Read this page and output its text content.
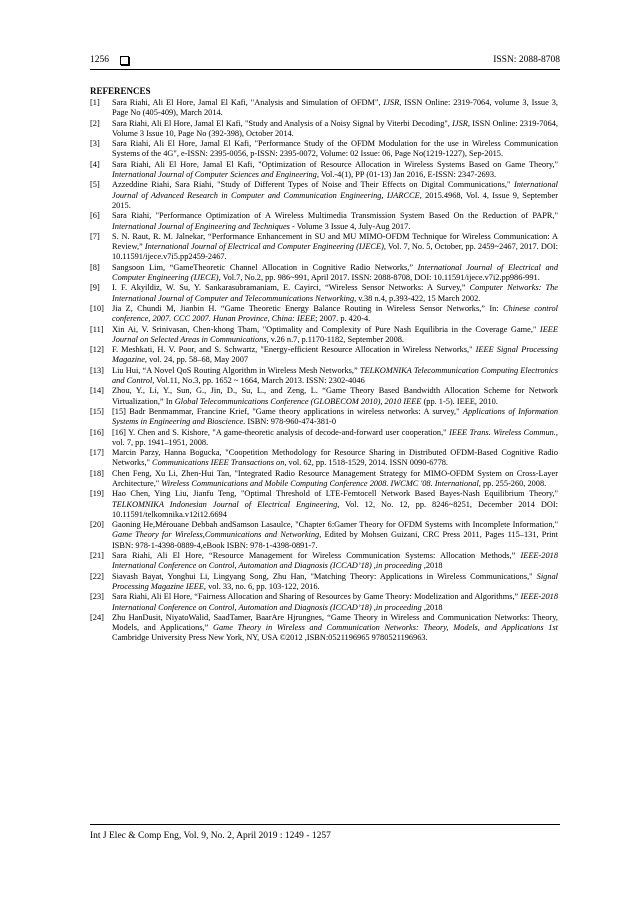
1256	ISSN: 2088-8708
REFERENCES
[1]	Sara Riahi, Ali El Hore, Jamal El Kafi, "Analysis and Simulation of OFDM", IJSR, ISSN Online: 2319-7064, volume 3, Issue 3, Page No (405-409), March 2014.
[2]	Sara Riahi, Ali El Hore, Jamal El Kafi, "Study and Analysis of a Noisy Signal by Viterbi Decoding", IJSR, ISSN Online: 2319-7064, Volume 3 Issue 10, Page No (392-398), October 2014.
[3]	Sara Riahi, Ali El Hore, Jamal El Kafi, "Performance Study of the OFDM Modulation for the use in Wireless Communication Systems of the 4G", e-ISSN: 2395-0056, p-ISSN: 2395-0072, Volume: 02 Issue: 06, Page No(1219-1227), Sep-2015.
[4]	Sara Riahi, Ali El Hore, Jamal El Kafi, "Optimization of Resource Allocation in Wireless Systems Based on Game Theory," International Journal of Computer Sciences and Engineering, Vol.-4(1), PP (01-13) Jan 2016, E-ISSN: 2347-2693.
[5]	Azzeddine Riahi, Sara Riahi, "Study of Different Types of Noise and Their Effects on Digital Communications," International Journal of Advanced Research in Computer and Communication Engineering, IJARCCE, 2015.4968, Vol. 4, Issue 9, September 2015.
[6]	Sara Riahi, "Performance Optimization of A Wireless Multimedia Transmission System Based On the Reduction of PAPR," International Journal of Engineering and Techniques - Volume 3 Issue 4, July-Aug 2017.
[7]	S. N. Raut, R. M. Jalnekar, “Performance Enhancement in SU and MU MIMO-OFDM Technique for Wireless Communication: A Review,” International Journal of Electrical and Computer Engineering (IJECE), Vol. 7, No. 5, October, pp. 2459~2467, 2017. DOI: 10.11591/ijece.v7i5.pp2459-2467.
[8]	Sangsoon Lim, “GameTheoretic Channel Allocation in Cognitive Radio Networks,” International Journal of Electrical and Computer Engineering (IJECE), Vol.7, No.2, pp. 986~991, April 2017. ISSN: 2088-8708, DOI: 10.11591/ijece.v7i2.pp986-991.
[9]	I. F. Akyildiz, W. Su, Y. Sankarasubramaniam, E. Cayirci, “Wireless Sensor Networks: A Survey,” Computer Networks: The International Journal of Computer and Telecommunications Networking, v.38 n.4, p.393-422, 15 March 2002.
[10] Jia Z, Chundi M, Jianbin H. “Game Theoretic Energy Balance Routing in Wireless Sensor Networks,” In: Chinese control conference, 2007. CCC 2007. Hunan Province, China: IEEE; 2007. p. 420-4.
[11]	Xin Ai, V. Srinivasan, Chen-khong Tham, "Optimality and Complexity of Pure Nash Equilibria in the Coverage Game," IEEE Journal on Selected Areas in Communications, v.26 n.7, p.1170-1182, September 2008.
[12] F. Meshkati, H. V. Poor, and S. Schwartz, "Energy-efficient Resource Allocation in Wireless Networks," IEEE Signal Processing Magazine, vol. 24, pp. 58–68, May 2007
[13] Liu Hui, “A Novel QoS Routing Algorithm in Wireless Mesh Networks,” TELKOMNIKA Telecommunication Computing Electronics and Control, Vol.11, No.3, pp. 1652 ~ 1664, March 2013. ISSN: 2302-4046
[14] Zhou, Y., Li, Y., Sun, G., Jin, D., Su, L., and Zeng, L. “Game Theory Based Bandwidth Allocation Scheme for Network Virtualization,” In Global Telecommunications Conference (GLOBECOM 2010), 2010 IEEE (pp. 1-5). IEEE, 2010.
[15] [15] Badr Benmammar, Francine Krief, "Game theory applications in wireless networks: A survey," Applications of Information Systems in Engineering and Bioscience. ISBN: 978-960-474-381-0
[16] [16] Y. Chen and S. Kishore, "A game-theoretic analysis of decode-and-forward user cooperation," IEEE Trans. Wireless Commun., vol. 7, pp. 1941–1951, 2008.
[17] Marcin Parzy, Hanna Bogucka, "Coopetition Methodology for Resource Sharing in Distributed OFDM-Based Cognitive Radio Networks," Communications IEEE Transactions on, vol. 62, pp. 1518-1529, 2014. ISSN 0090-6778.
[18] Chen Feng, Xu Li, Zhen-Hui Tan, "Integrated Radio Resource Management Strategy for MIMO-OFDM System on Cross-Layer Architecture," Wireless Communications and Mobile Computing Conference 2008. IWCMC '08. International, pp. 255-260, 2008.
[19] Hao Chen, Ying Liu, Jianfu Teng, "Optimal Threshold of LTE-Femtocell Network Based Bayes-Nash Equilibrium Theory," TELKOMNIKA Indonesian Journal of Electrical Engineering, Vol. 12, No. 12, pp. 8246~8251, December 2014 DOI: 10.11591/telkomnika.v12i12.6694
[20] Gaoning He,Mérouane Debbah andSamson Lasaulce, "Chapter 6:Gamer Theory for OFDM Systems with Incomplete Information," Game Theory for Wireless,Communications and Networking, Edited by Mohsen Guizani, CRC Press 2011, Pages 115–131, Print ISBN: 978-1-4398-0889-4,eBook ISBN: 978-1-4398-0891-7.
[21] Sara Riahi, Ali El Hore, “Resource Management for Wireless Communication Systems: Allocation Methods,” IEEE-2018 International Conference on Control, Automation and Diagnosis (ICCAD’18) ,in proceeding ,2018
[22] Siavash Bayat, Yonghui Li, Lingyang Song, Zhu Han, "Matching Theory: Applications in Wireless Communications," Signal Processing Magazine IEEE, vol. 33, no. 6, pp. 103-122, 2016.
[23] Sara Riahi, Ali El Hore, “Fairness Allocation and Sharing of Resources by Game Theory: Modelization and Algorithms,” IEEE-2018 International Conference on Control, Automation and Diagnosis (ICCAD’18) ,in proceeding ,2018
[24] Zhu HanDusit, NiyatoWalid, SaadTamer, BaarAre Hjrungnes, “Game Theory in Wireless and Communication Networks: Theory, Models, and Applications,” Game Theory in Wireless and Communication Networks: Theory, Models, and Applications 1st Cambridge University Press New York, NY, USA ©2012 ,ISBN:0521196965 9780521196963.
Int J Elec & Comp Eng, Vol. 9, No. 2, April 2019 : 1249 - 1257
